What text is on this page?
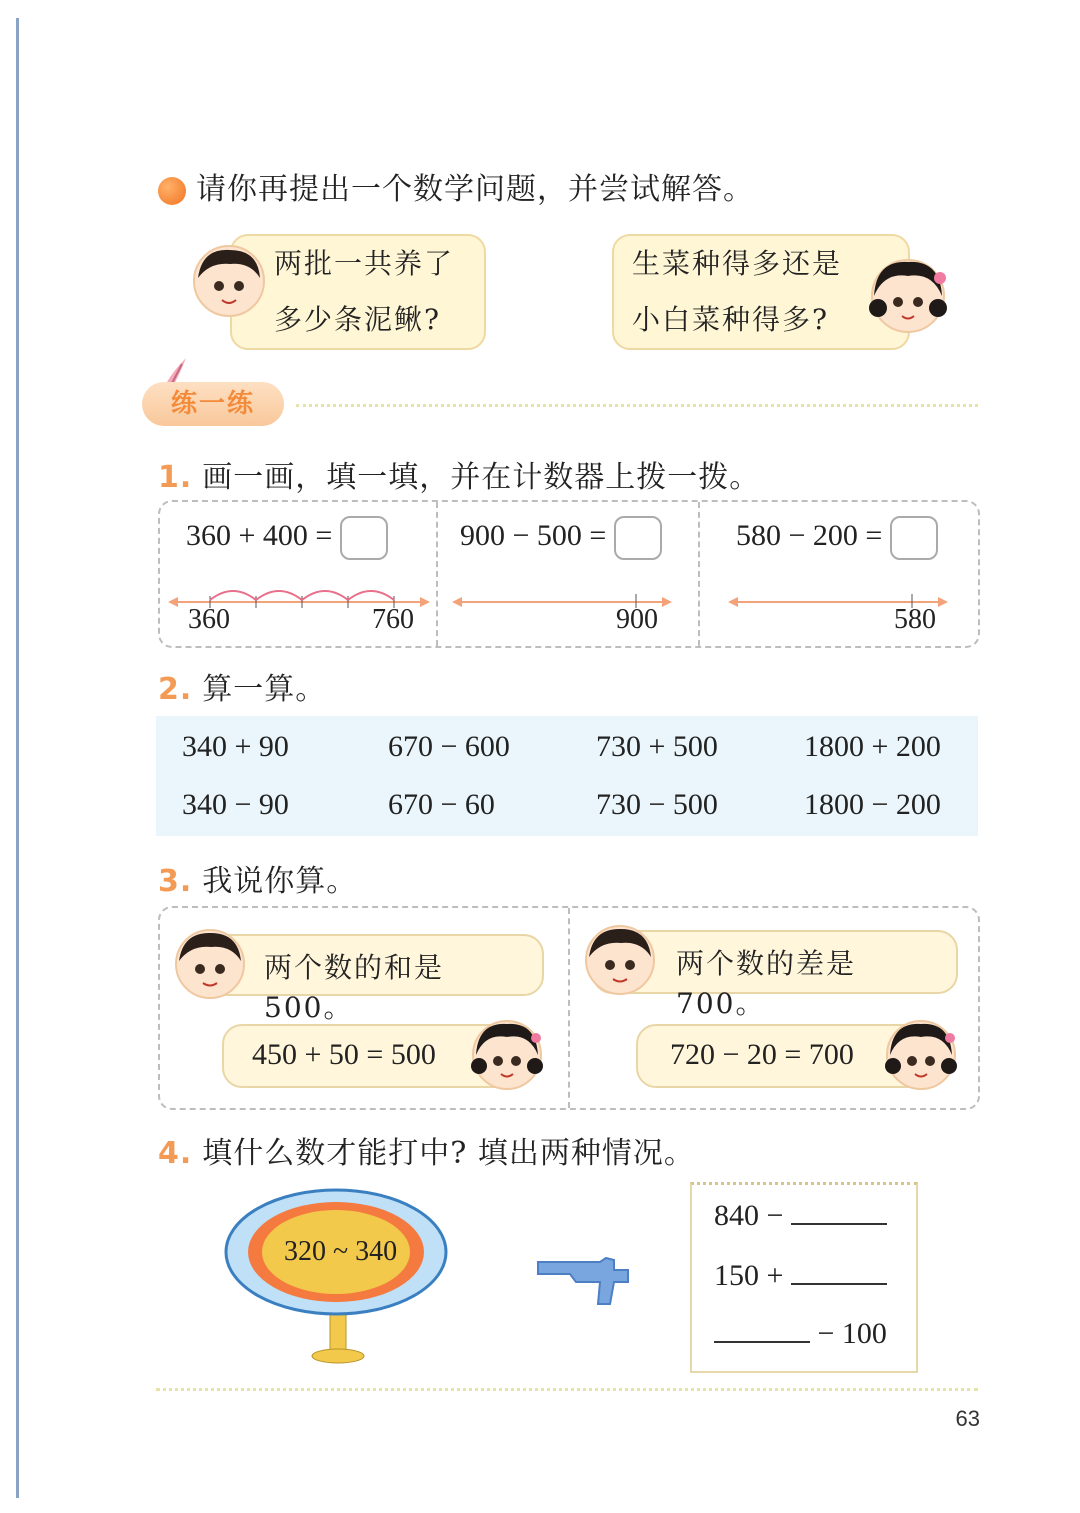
请你再提出一个数学问题，并尝试解答。
两批一共养了
多少条泥鳅?
生菜种得多还是
小白菜种得多?
练一练
1. 画一画，填一填，并在计数器上拨一拨。
360 + 400 =
360	760
900 − 500 =
900
580 − 200 =
580
2. 算一算。
340 + 90	670 − 600	730 + 500	1800 + 200
340 − 90	670 − 60	730 − 500	1800 − 200
3. 我说你算。
两个数的和是 500。
450 + 50 = 500
两个数的差是 700。
720 − 20 = 700
4. 填什么数才能打中? 填出两种情况。
320 ~ 340
840 −
150 +
− 100
63
